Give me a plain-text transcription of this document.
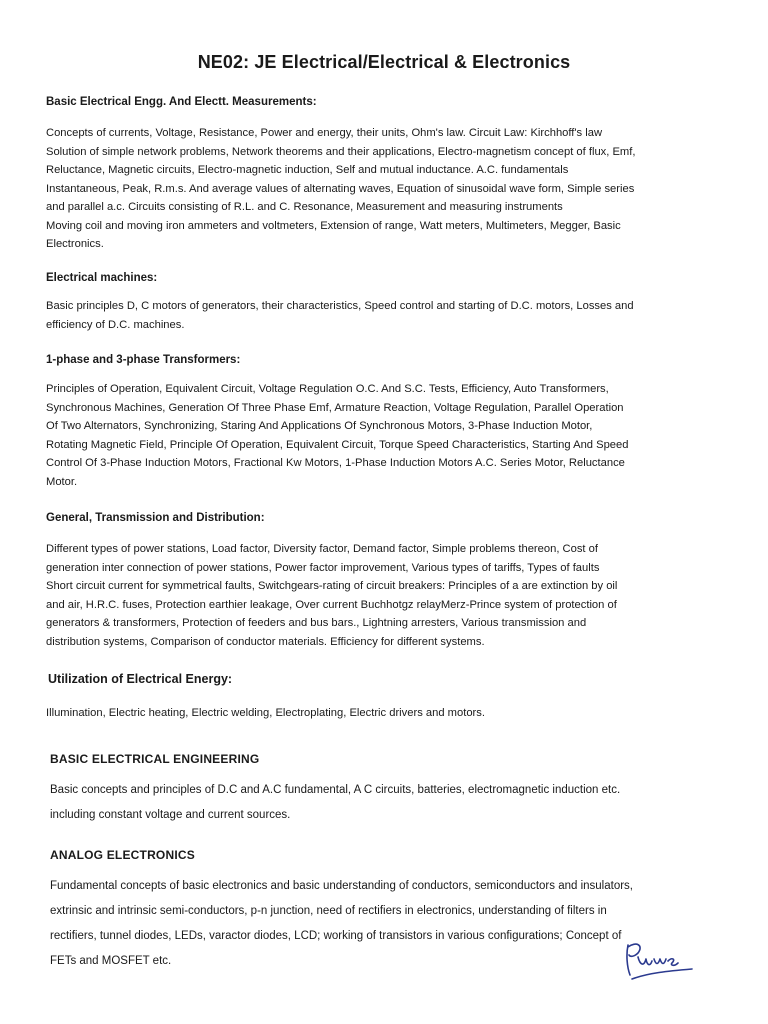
NE02: JE Electrical/Electrical & Electronics
Basic Electrical Engg. And Electt. Measurements:
Concepts of currents, Voltage, Resistance, Power and energy, their units, Ohm's law. Circuit Law: Kirchhoff's law
Solution of simple network problems, Network theorems and their applications, Electro-magnetism concept of flux, Emf,
Reluctance, Magnetic circuits, Electro-magnetic induction, Self and mutual inductance. A.C. fundamentals
Instantaneous, Peak, R.m.s. And average values of alternating waves, Equation of sinusoidal wave form, Simple series
and parallel a.c. Circuits consisting of R.L. and C. Resonance, Measurement and measuring instruments
Moving coil and moving iron ammeters and voltmeters, Extension of range, Watt meters, Multimeters, Megger, Basic
Electronics.
Electrical machines:
Basic principles D, C motors of generators, their characteristics, Speed control and starting of D.C. motors, Losses and
efficiency of D.C. machines.
1-phase and 3-phase Transformers:
Principles of Operation, Equivalent Circuit, Voltage Regulation O.C. And S.C. Tests, Efficiency, Auto Transformers,
Synchronous Machines, Generation Of Three Phase Emf, Armature Reaction, Voltage Regulation, Parallel Operation
Of Two Alternators, Synchronizing, Staring And Applications Of Synchronous Motors, 3-Phase Induction Motor,
Rotating Magnetic Field, Principle Of Operation, Equivalent Circuit, Torque Speed Characteristics, Starting And Speed
Control Of 3-Phase Induction Motors, Fractional Kw Motors, 1-Phase Induction Motors A.C. Series Motor, Reluctance
Motor.
General, Transmission and Distribution:
Different types of power stations, Load factor, Diversity factor, Demand factor, Simple problems thereon, Cost of
generation inter connection of power stations, Power factor improvement, Various types of tariffs, Types of faults
Short circuit current for symmetrical faults, Switchgears-rating of circuit breakers: Principles of a are extinction by oil
and air, H.R.C. fuses, Protection earthier leakage, Over current Buchhotgz relayMerz-Prince system of protection of
generators & transformers, Protection of feeders and bus bars., Lightning arresters, Various transmission and
distribution systems, Comparison of conductor materials. Efficiency for different systems.
Utilization of Electrical Energy:
Illumination, Electric heating, Electric welding, Electroplating, Electric drivers and motors.
BASIC ELECTRICAL ENGINEERING
Basic concepts and principles of D.C and A.C fundamental, A C circuits, batteries, electromagnetic induction etc.
including constant voltage and current sources.
ANALOG ELECTRONICS
Fundamental concepts of basic electronics and basic understanding of conductors, semiconductors and insulators,
extrinsic and intrinsic semi-conductors, p-n junction, need of rectifiers in electronics, understanding of filters in
rectifiers, tunnel diodes, LEDs, varactor diodes, LCD; working of transistors in various configurations; Concept of
FETs and MOSFET etc.
